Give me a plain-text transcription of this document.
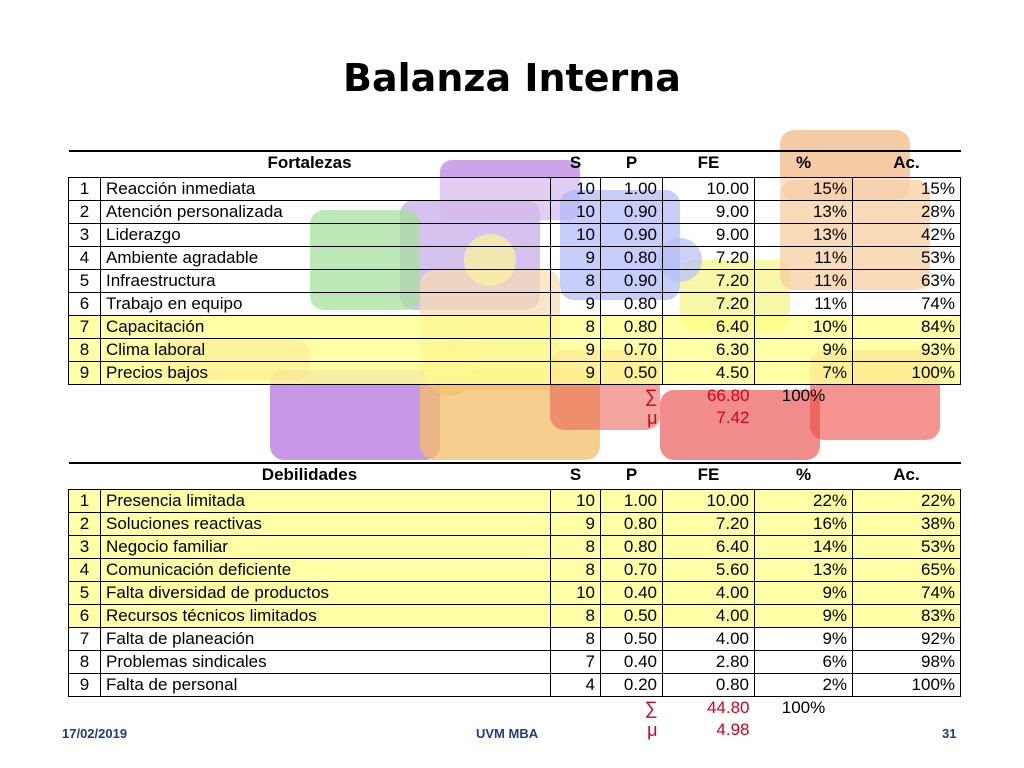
Balanza Interna
Fortalezas		S	P	FE	%	Ac.

1	Reacción inmediata	10	1.00	10.00	15%	15%
2	Atención personalizada	10	0.90	9.00	13%	28%
3	Liderazgo	10	0.90	9.00	13%	42%
4	Ambiente agradable	9	0.80	7.20	11%	53%
5	Infraestructura	8	0.90	7.20	11%	63%
6	Trabajo en equipo	9	0.80	7.20	11%	74%
7	Capacitación	8	0.80	6.40	10%	84%
8	Clima laboral	9	0.70	6.30	9%	93%
9	Precios bajos	9	0.50	4.50	7%	100%
		∑		66.80	100%	
		μ		7.42		
Debilidades		S	P	FE	%	Ac.

1	Presencia limitada	10	1.00	10.00	22%	22%
2	Soluciones reactivas	9	0.80	7.20	16%	38%
3	Negocio familiar	8	0.80	6.40	14%	53%
4	Comunicación deficiente	8	0.70	5.60	13%	65%
5	Falta diversidad de productos	10	0.40	4.00	9%	74%
6	Recursos técnicos limitados	8	0.50	4.00	9%	83%
7	Falta de planeación	8	0.50	4.00	9%	92%
8	Problemas sindicales	7	0.40	2.80	6%	98%
9	Falta de personal	4	0.20	0.80	2%	100%
		∑		44.80	100%	
		μ		4.98		
17/02/2019	UVM MBA	31
